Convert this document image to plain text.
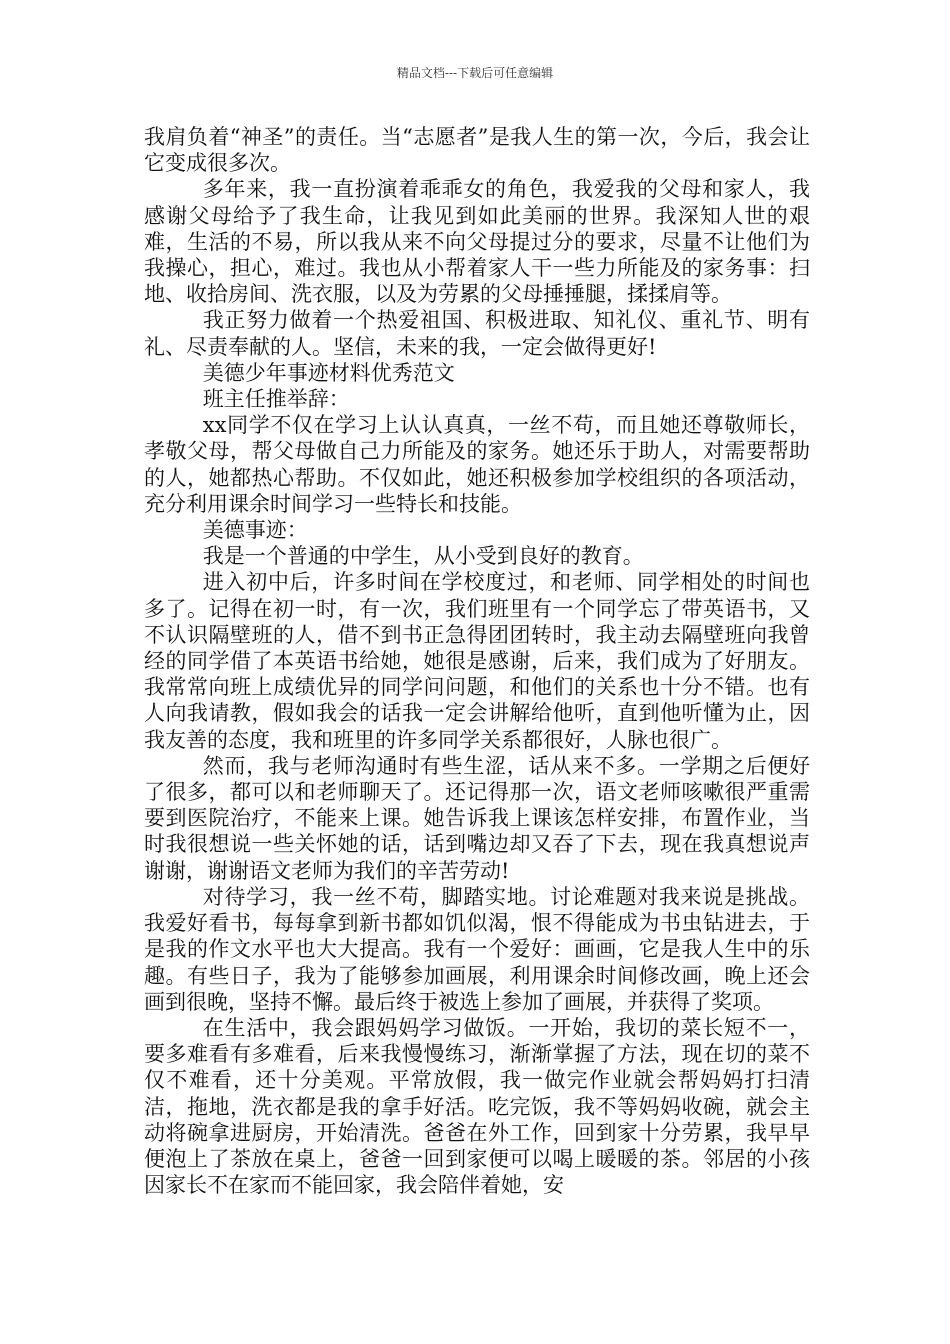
精品文档---下载后可任意编辑

我肩负着“神圣”的责任。当“志愿者”是我人生的第一次，今后，我会让它变成很多次。

多年来，我一直扮演着乖乖女的角色，我爱我的父母和家人，我感谢父母给予了我生命，让我见到如此美丽的世界。我深知人世的艰难，生活的不易，所以我从来不向父母提过分的要求，尽量不让他们为我操心，担心，难过。我也从小帮着家人干一些力所能及的家务事：扫地、收拾房间、洗衣服，以及为劳累的父母捶捶腿，揉揉肩等。

我正努力做着一个热爱祖国、积极进取、知礼仪、重礼节、明有礼、尽责奉献的人。坚信，未来的我，一定会做得更好!

美德少年事迹材料优秀范文

班主任推举辞：

xx同学不仅在学习上认认真真，一丝不苟，而且她还尊敬师长，孝敬父母，帮父母做自己力所能及的家务。她还乐于助人，对需要帮助的人，她都热心帮助。不仅如此，她还积极参加学校组织的各项活动，充分利用课余时间学习一些特长和技能。

美德事迹：

我是一个普通的中学生，从小受到良好的教育。

进入初中后，许多时间在学校度过，和老师、同学相处的时间也多了。记得在初一时，有一次，我们班里有一个同学忘了带英语书，又不认识隔壁班的人，借不到书正急得团团转时，我主动去隔壁班向我曾经的同学借了本英语书给她，她很是感谢，后来，我们成为了好朋友。我常常向班上成绩优异的同学问问题，和他们的关系也十分不错。也有人向我请教，假如我会的话我一定会讲解给他听，直到他听懂为止，因我友善的态度，我和班里的许多同学关系都很好，人脉也很广。

然而，我与老师沟通时有些生涩，话从来不多。一学期之后便好了很多，都可以和老师聊天了。还记得那一次，语文老师咳嗽很严重需要到医院治疗，不能来上课。她告诉我上课该怎样安排，布置作业，当时我很想说一些关怀她的话，话到嘴边却又吞了下去，现在我真想说声谢谢，谢谢语文老师为我们的辛苦劳动!

对待学习，我一丝不苟，脚踏实地。讨论难题对我来说是挑战。我爱好看书，每每拿到新书都如饥似渴，恨不得能成为书虫钻进去，于是我的作文水平也大大提高。我有一个爱好：画画，它是我人生中的乐趣。有些日子，我为了能够参加画展，利用课余时间修改画，晚上还会画到很晚，坚持不懈。最后终于被选上参加了画展，并获得了奖项。

在生活中，我会跟妈妈学习做饭。一开始，我切的菜长短不一，要多难看有多难看，后来我慢慢练习，渐渐掌握了方法，现在切的菜不仅不难看，还十分美观。平常放假，我一做完作业就会帮妈妈打扫清洁，拖地，洗衣都是我的拿手好活。吃完饭，我不等妈妈收碗，就会主动将碗拿进厨房，开始清洗。爸爸在外工作，回到家十分劳累，我早早便泡上了茶放在桌上，爸爸一回到家便可以喝上暖暖的茶。邻居的小孩因家长不在家而不能回家，我会陪伴着她，安
